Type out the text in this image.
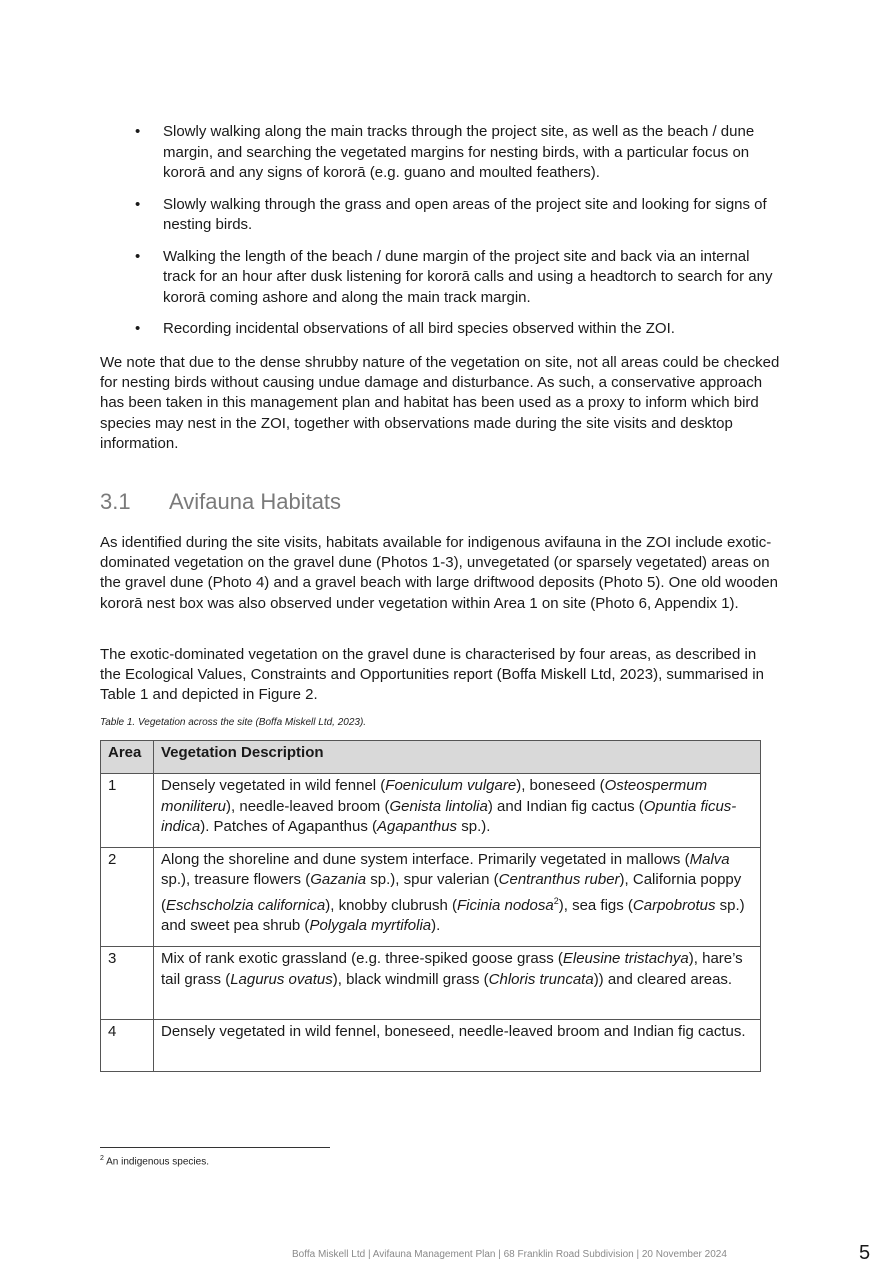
• Slowly walking along the main tracks through the project site, as well as the beach / dune margin, and searching the vegetated margins for nesting birds, with a particular focus on kororā and any signs of kororā (e.g. guano and moulted feathers).
• Slowly walking through the grass and open areas of the project site and looking for signs of nesting birds.
• Walking the length of the beach / dune margin of the project site and back via an internal track for an hour after dusk listening for kororā calls and using a headtorch to search for any kororā coming ashore and along the main track margin.
• Recording incidental observations of all bird species observed within the ZOI.

We note that due to the dense shrubby nature of the vegetation on site, not all areas could be checked for nesting birds without causing undue damage and disturbance. As such, a conservative approach has been taken in this management plan and habitat has been used as a proxy to inform which bird species may nest in the ZOI, together with observations made during the site visits and desktop information.

3.1 Avifauna Habitats

As identified during the site visits, habitats available for indigenous avifauna in the ZOI include exotic-dominated vegetation on the gravel dune (Photos 1-3), unvegetated (or sparsely vegetated) areas on the gravel dune (Photo 4) and a gravel beach with large driftwood deposits (Photo 5). One old wooden kororā nest box was also observed under vegetation within Area 1 on site (Photo 6, Appendix 1).

The exotic-dominated vegetation on the gravel dune is characterised by four areas, as described in the Ecological Values, Constraints and Opportunities report (Boffa Miskell Ltd, 2023), summarised in Table 1 and depicted in Figure 2.

Table 1. Vegetation across the site (Boffa Miskell Ltd, 2023).
Area	Vegetation Description
1	Densely vegetated in wild fennel (Foeniculum vulgare), boneseed (Osteospermum moniliteru), needle-leaved broom (Genista lintolia) and Indian fig cactus (Opuntia ficus-indica). Patches of Agapanthus (Agapanthus sp.).
2	Along the shoreline and dune system interface. Primarily vegetated in mallows (Malva sp.), treasure flowers (Gazania sp.), spur valerian (Centranthus ruber), California poppy (Eschscholzia californica), knobby clubrush (Ficinia nodosa$^2$), sea figs (Carpobrotus sp.) and sweet pea shrub (Polygala myrtifolia).
3	Mix of rank exotic grassland (e.g. three-spiked goose grass (Eleusine tristachya), hare’s tail grass (Lagurus ovatus), black windmill grass (Chloris truncata)) and cleared areas.
4	Densely vegetated in wild fennel, boneseed, needle-leaved broom and Indian fig cactus.
$^2$ An indigenous species.
Boffa Miskell Ltd | Avifauna Management Plan | 68 Franklin Road Subdivision | 20 November 2024	5
